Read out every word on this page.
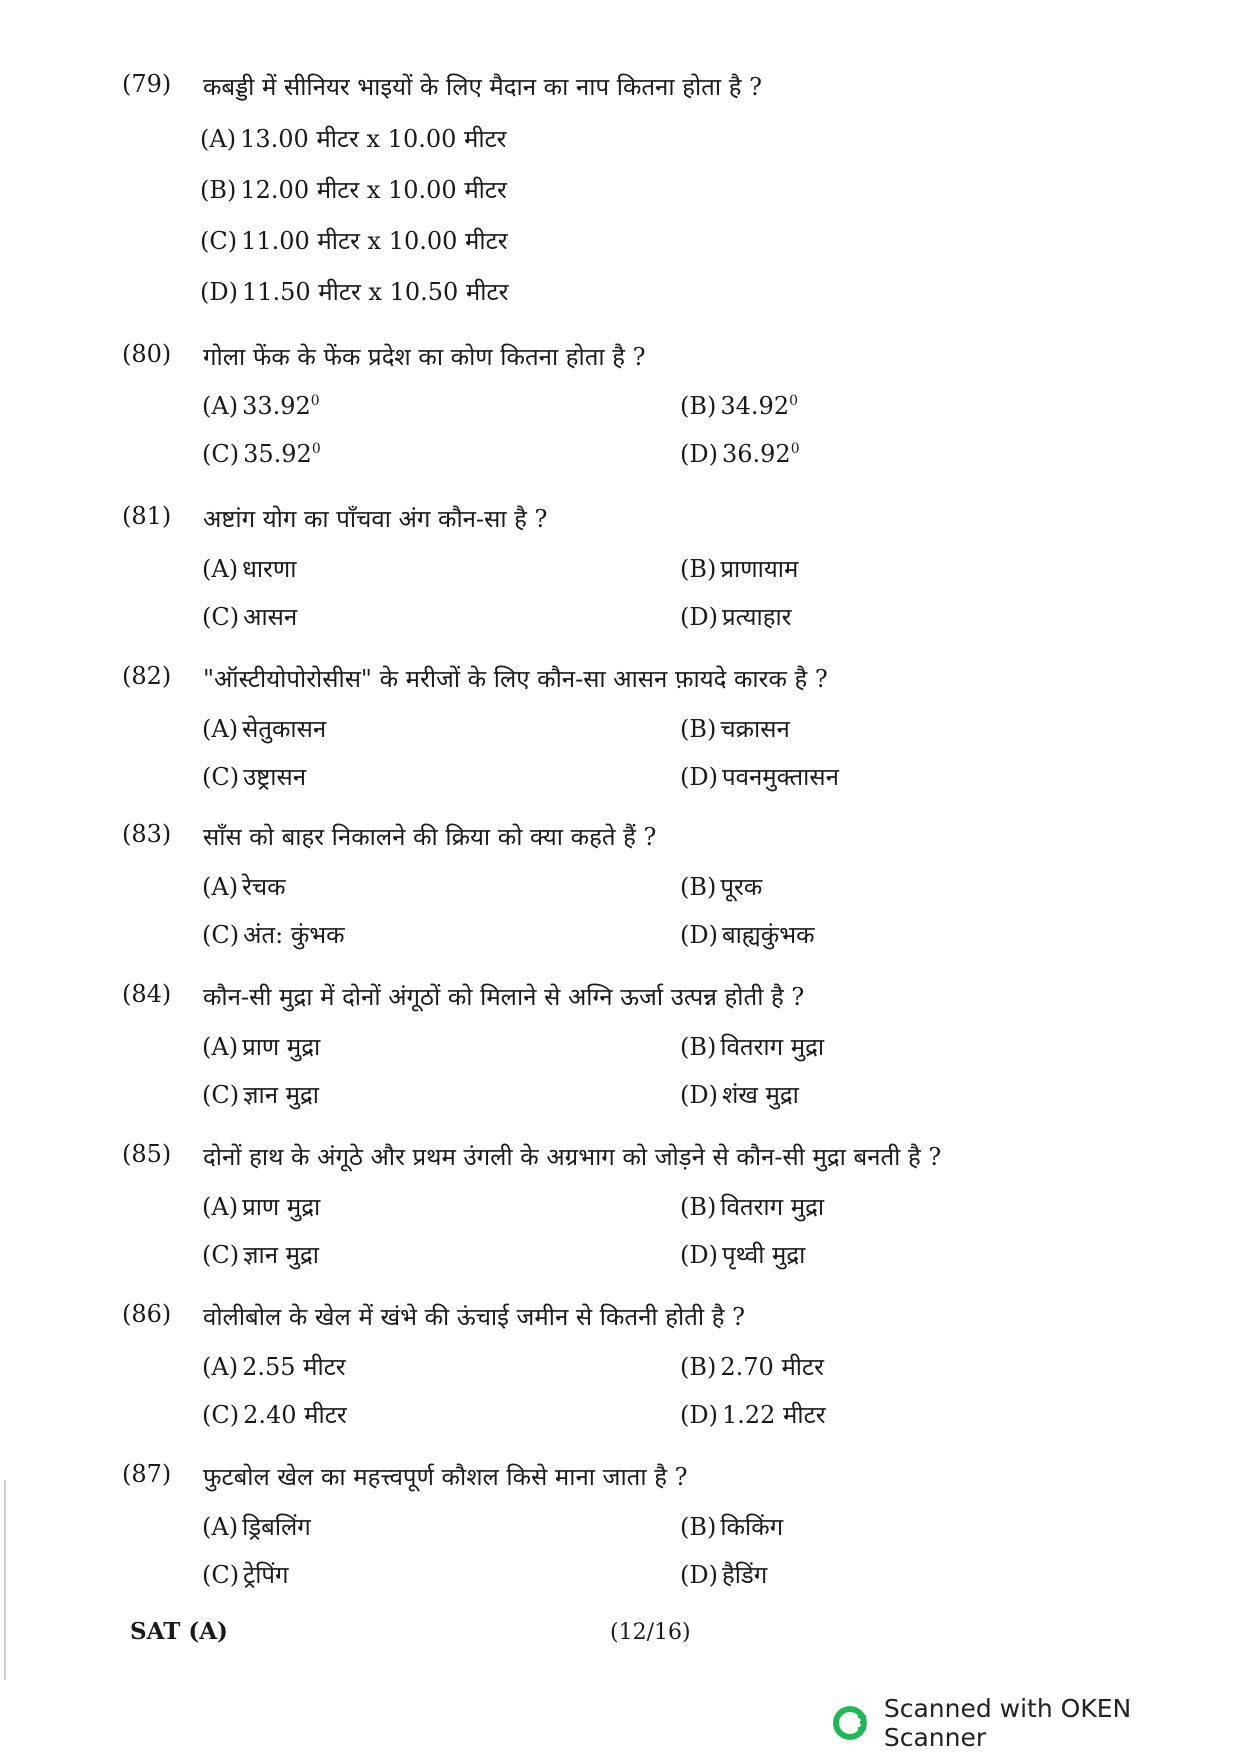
(79) कबड्डी में सीनियर भाइयों के लिए मैदान का नाप कितना होता है ?
(A) 13.00 मीटर x 10.00 मीटर
(B) 12.00 मीटर x 10.00 मीटर
(C) 11.00 मीटर x 10.00 मीटर
(D) 11.50 मीटर x 10.50 मीटर
(80) गोला फेंक के फेंक प्रदेश का कोण कितना होता है ?
(A) 33.92$^0$	(B) 34.92$^0$
(C) 35.92$^0$	(D) 36.92$^0$
(81) अष्टांग योग का पाँचवा अंग कौन-सा है ?
(A) धारणा	(B) प्राणायाम
(C) आसन	(D) प्रत्याहार
(82) "ऑस्टीयोपोरोसीस" के मरीजों के लिए कौन-सा आसन फ़ायदे कारक है ?
(A) सेतुकासन	(B) चक्रासन
(C) उष्ट्रासन	(D) पवनमुक्तासन
(83) साँस को बाहर निकालने की क्रिया को क्या कहते हैं ?
(A) रेचक	(B) पूरक
(C) अंत: कुंभक	(D) बाह्यकुंभक
(84) कौन-सी मुद्रा में दोनों अंगूठों को मिलाने से अग्नि ऊर्जा उत्पन्न होती है ?
(A) प्राण मुद्रा	(B) वितराग मुद्रा
(C) ज्ञान मुद्रा	(D) शंख मुद्रा
(85) दोनों हाथ के अंगूठे और प्रथम उंगली के अग्रभाग को जोड़ने से कौन-सी मुद्रा बनती है ?
(A) प्राण मुद्रा	(B) वितराग मुद्रा
(C) ज्ञान मुद्रा	(D) पृथ्वी मुद्रा
(86) वोलीबोल के खेल में खंभे की ऊंचाई जमीन से कितनी होती है ?
(A) 2.55 मीटर	(B) 2.70 मीटर
(C) 2.40 मीटर	(D) 1.22 मीटर
(87) फुटबोल खेल का महत्त्वपूर्ण कौशल किसे माना जाता है ?
(A) ड्रिबलिंग	(B) किकिंग
(C) ट्रेपिंग	(D) हैडिंग
SAT (A)	(12/16)
Scanned with OKEN Scanner
